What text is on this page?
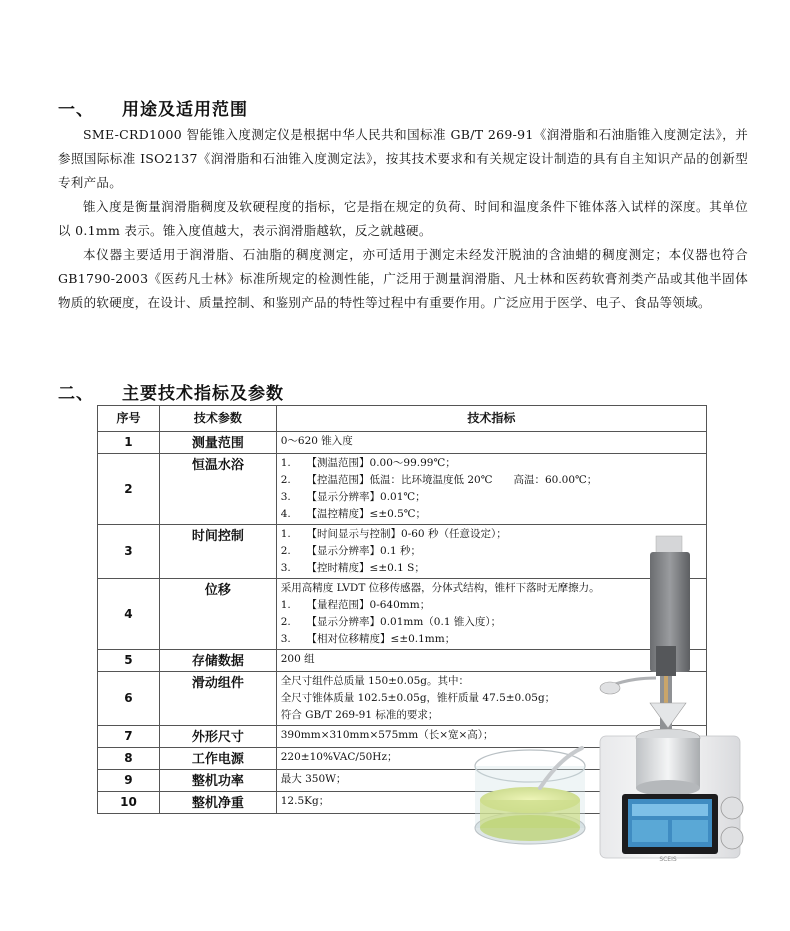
一、 用途及适用范围

SME-CRD1000 智能锥入度测定仪是根据中华人民共和国标准 GB/T 269-91《润滑脂和石油脂锥入度测定法》，并参照国际标准 ISO2137《润滑脂和石油锥入度测定法》，按其技术要求和有关规定设计制造的具有自主知识产品的创新型专利产品。

锥入度是衡量润滑脂稠度及软硬程度的指标，它是指在规定的负荷、时间和温度条件下锥体落入试样的深度。其单位以 0.1mm 表示。锥入度值越大，表示润滑脂越软，反之就越硬。

本仪器主要适用于润滑脂、石油脂的稠度测定，亦可适用于测定未经发汗脱油的含油蜡的稠度测定；本仪器也符合 GB1790-2003《医药凡士林》标准所规定的检测性能，广泛用于测量润滑脂、凡士林和医药软膏剂类产品或其他半固体物质的软硬度，在设计、质量控制、和鉴别产品的特性等过程中有重要作用。广泛应用于医学、电子、食品等领域。

二、 主要技术指标及参数
序号	技术参数	技术指标
1	测量范围	0～620 锥入度

2	恒温水浴	1.　　【测温范围】0.00～99.99℃；
2.　　【控温范围】低温：比环境温度低 20℃　　高温：60.00℃；
3.　　【显示分辨率】0.01℃；
4.　　【温控精度】≤±0.5℃；

3	时间控制	1.　　【时间显示与控制】0-60 秒（任意设定）；
2.　　【显示分辨率】0.1 秒；
3.　　【控时精度】≤±0.1 S；

4	位移	采用高精度 LVDT 位移传感器，分体式结构，锥杆下落时无摩擦力。
1.　　【量程范围】0-640mm；
2.　　【显示分辨率】0.01mm（0.1 锥入度）；
3.　　【相对位移精度】≤±0.1mm；

5	存储数据	200 组

6	滑动组件	全尺寸组件总质量 150±0.05g。其中：
全尺寸锥体质量 102.5±0.05g，锥杆质量 47.5±0.05g；
符合 GB/T 269-91 标准的要求；

7	外形尺寸	390mm×310mm×575mm（长×宽×高）；

8	工作电源	220±10%VAC/50Hz；

9	整机功率	最大 350W；

10	整机净重	12.5Kg；
SCEIS
